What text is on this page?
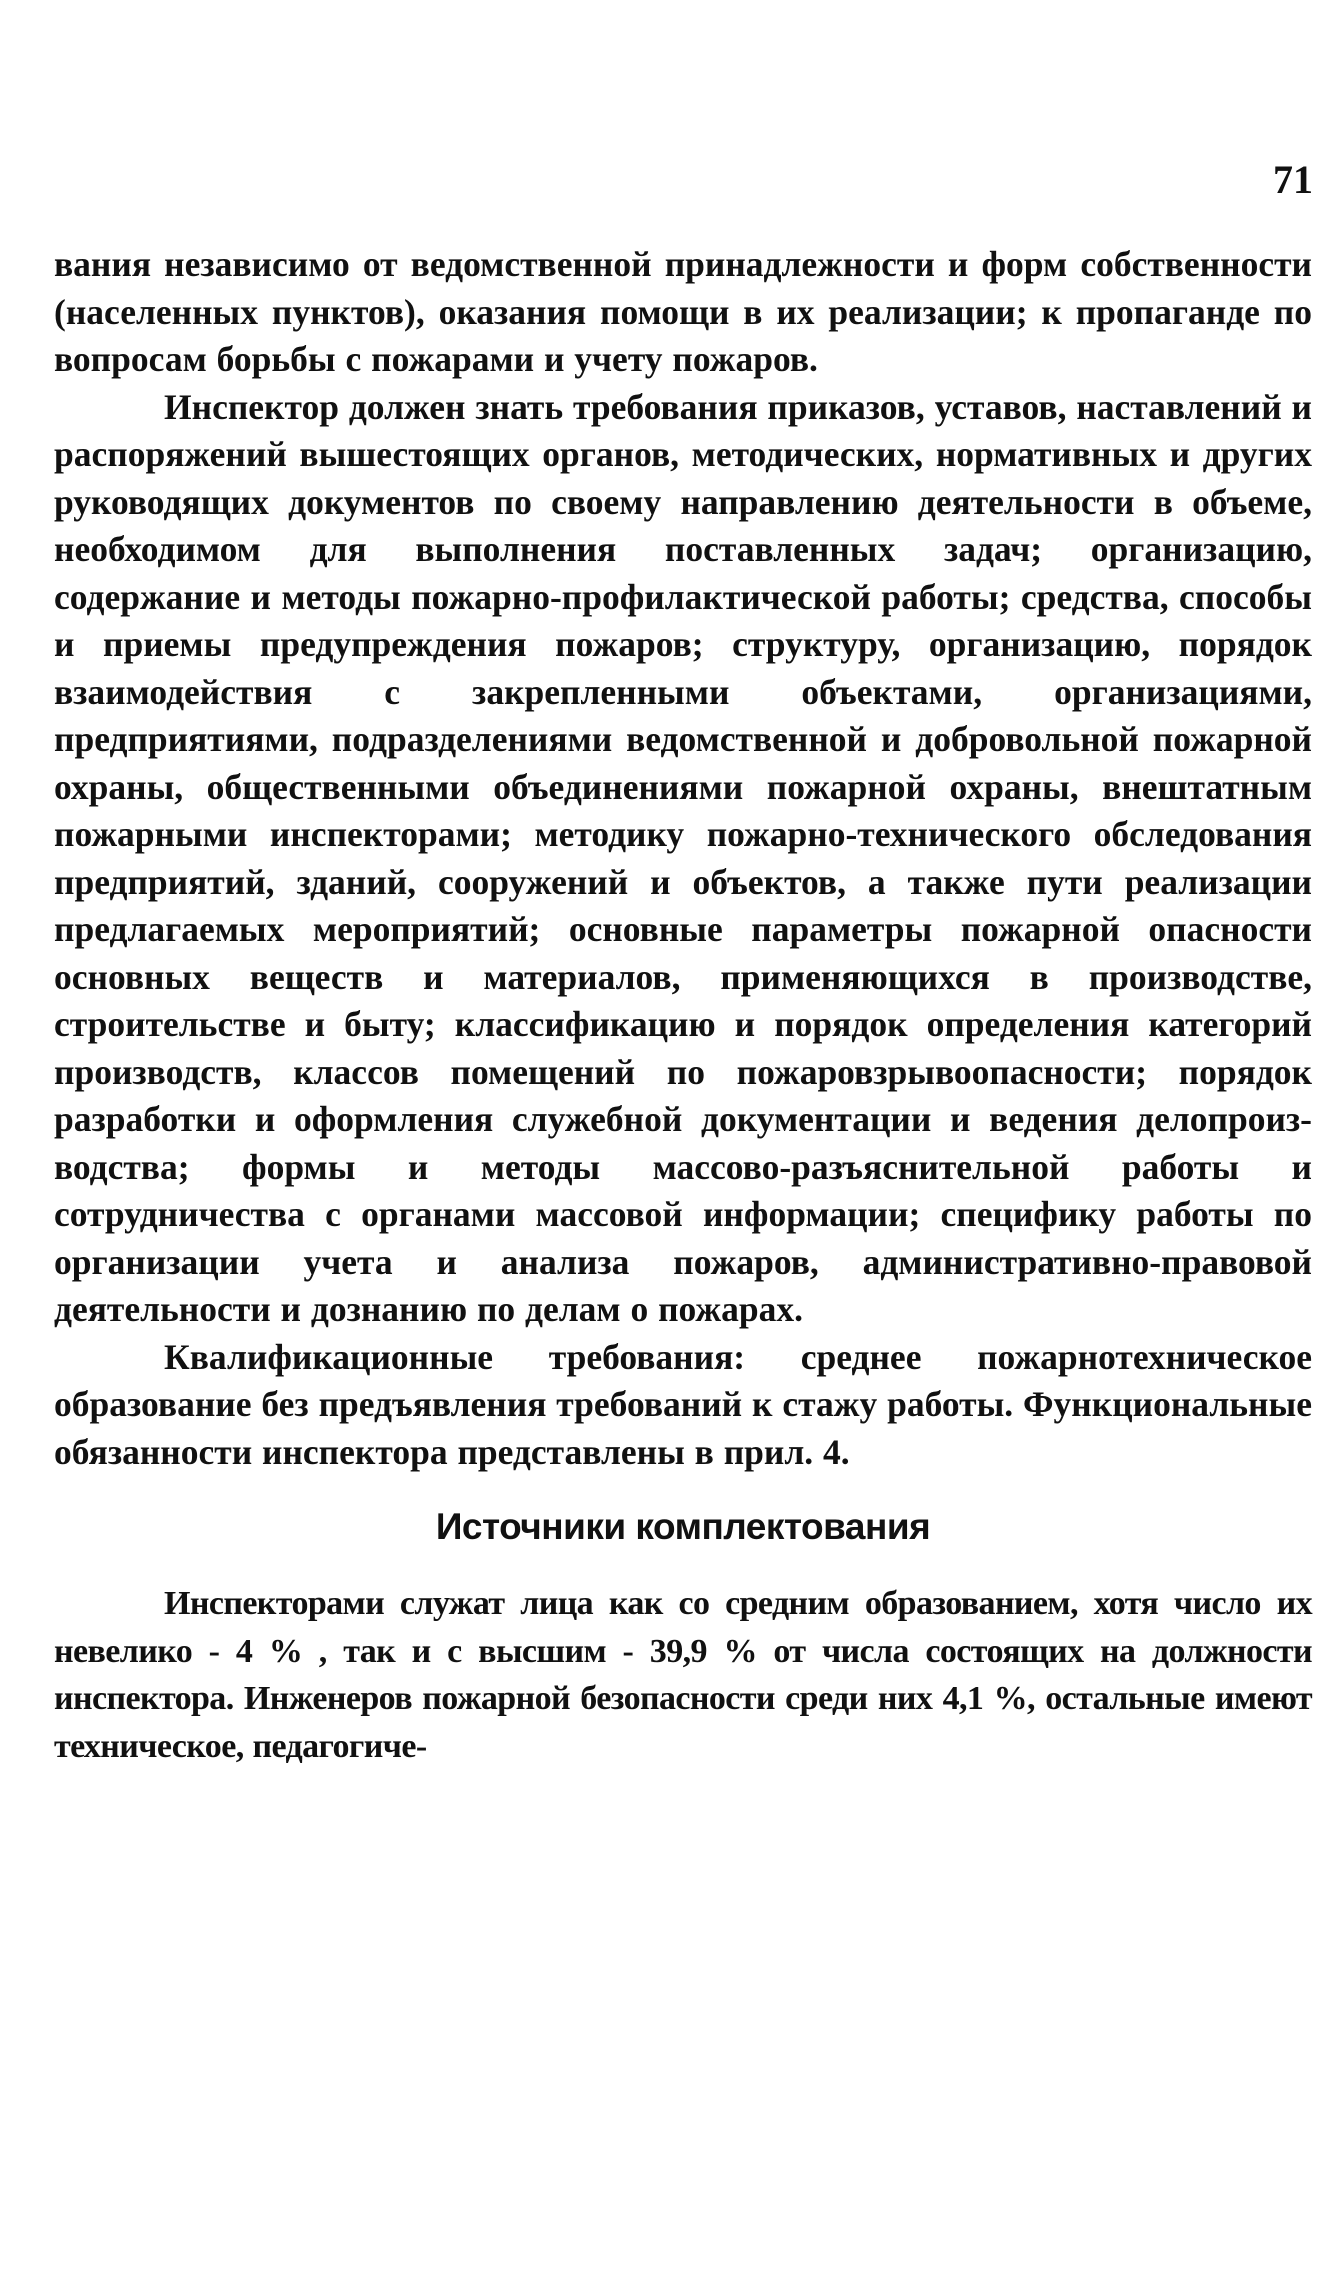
71

вания независимо от ведомственной принадлежности и форм собственности (населенных пунктов), оказания помощи в их реализации; к пропаганде по вопросам борьбы с пожарами и учету пожаров.

Инспектор должен знать требования приказов, уставов, наставлений и распоряжений вышестоящих органов, методических, нормативных и других руководящих документов по своему направлению деятельности в объеме, необходимом для выполнения поставленных задач; организацию, содержание и методы пожарно-профилактической работы; средства, способы и приемы предупреждения пожаров; структуру, организацию, порядок взаимодействия с закрепленными объектами, организациями, предприятиями, подразделениями ведомственной и добровольной пожарной охраны, общественными объединениями пожарной охраны, внештатным пожарными инспекторами; методику пожарно-технического обследования предприятий, зданий, сооружений и объектов, а также пути реализации предлагаемых мероприятий; основные параметры пожарной опасности основных веществ и материалов, применяющихся в производстве, строительстве и быту; классификацию и порядок определения категорий производств, классов помещений по пожаровзрывоопасности; порядок разработки и оформления служебной документации и ведения делопроизводства; формы и методы массово-разъяснительной работы и сотрудничества с органами массовой информации; специфику работы по организации учета и анализа пожаров, административно-правовой деятельности и дознанию по делам о пожарах.

Квалификационные требования: среднее пожарнотехническое образование без предъявления требований к стажу работы. Функциональные обязанности инспектора представлены в прил. 4.

Источники комплектования

Инспекторами служат лица как со средним образованием, хотя число их невелико - 4 % , так и с высшим - 39,9 % от числа состоящих на должности инспектора. Инженеров пожарной безопасности среди них 4,1 %, остальные имеют техническое, педагогиче-
